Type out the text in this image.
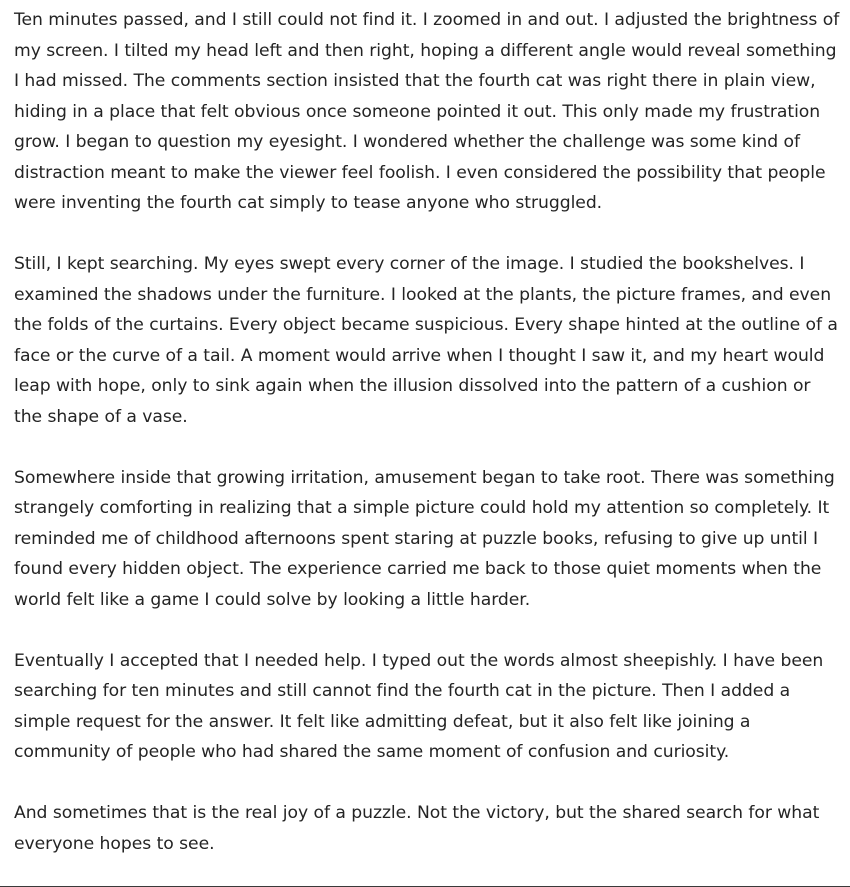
Ten minutes passed, and I still could not find it. I zoomed in and out. I adjusted the brightness of my screen. I tilted my head left and then right, hoping a different angle would reveal something I had missed. The comments section insisted that the fourth cat was right there in plain view, hiding in a place that felt obvious once someone pointed it out. This only made my frustration grow. I began to question my eyesight. I wondered whether the challenge was some kind of distraction meant to make the viewer feel foolish. I even considered the possibility that people were inventing the fourth cat simply to tease anyone who struggled.

Still, I kept searching. My eyes swept every corner of the image. I studied the bookshelves. I examined the shadows under the furniture. I looked at the plants, the picture frames, and even the folds of the curtains. Every object became suspicious. Every shape hinted at the outline of a face or the curve of a tail. A moment would arrive when I thought I saw it, and my heart would leap with hope, only to sink again when the illusion dissolved into the pattern of a cushion or the shape of a vase.

Somewhere inside that growing irritation, amusement began to take root. There was something strangely comforting in realizing that a simple picture could hold my attention so completely. It reminded me of childhood afternoons spent staring at puzzle books, refusing to give up until I found every hidden object. The experience carried me back to those quiet moments when the world felt like a game I could solve by looking a little harder.

Eventually I accepted that I needed help. I typed out the words almost sheepishly. I have been searching for ten minutes and still cannot find the fourth cat in the picture. Then I added a simple request for the answer. It felt like admitting defeat, but it also felt like joining a community of people who had shared the same moment of confusion and curiosity.

And sometimes that is the real joy of a puzzle. Not the victory, but the shared search for what everyone hopes to see.
